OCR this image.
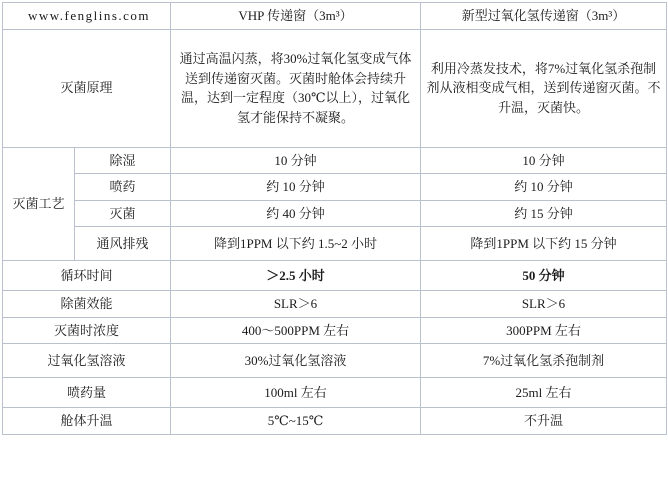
www.fenglins.com		VHP 传递窗（3m³）	新型过氧化氢传递窗（3m³）
灭菌原理		通过高温闪蒸，将30%过氧化氢变成气体送到传递窗灭菌。灭菌时舱体会持续升温，达到一定程度（30℃以上），过氧化氢才能保持不凝聚。	利用冷蒸发技术，将7%过氧化氢杀孢制剂从液相变成气相，送到传递窗灭菌。不升温，灭菌快。
灭菌工艺	除湿	10 分钟	10 分钟
	喷药	约 10 分钟	约 10 分钟
	灭菌	约 40 分钟	约 15 分钟
	通风排残	降到1PPM 以下约 1.5~2 小时	降到1PPM 以下约 15 分钟
循环时间		＞2.5 小时	50 分钟
除菌效能		SLR＞6	SLR＞6
灭菌时浓度		400～500PPM 左右	300PPM 左右
过氧化氢溶液		30%过氧化氢溶液	7%过氧化氢杀孢制剂
喷药量		100ml 左右	25ml 左右
舱体升温		5℃~15℃	不升温
